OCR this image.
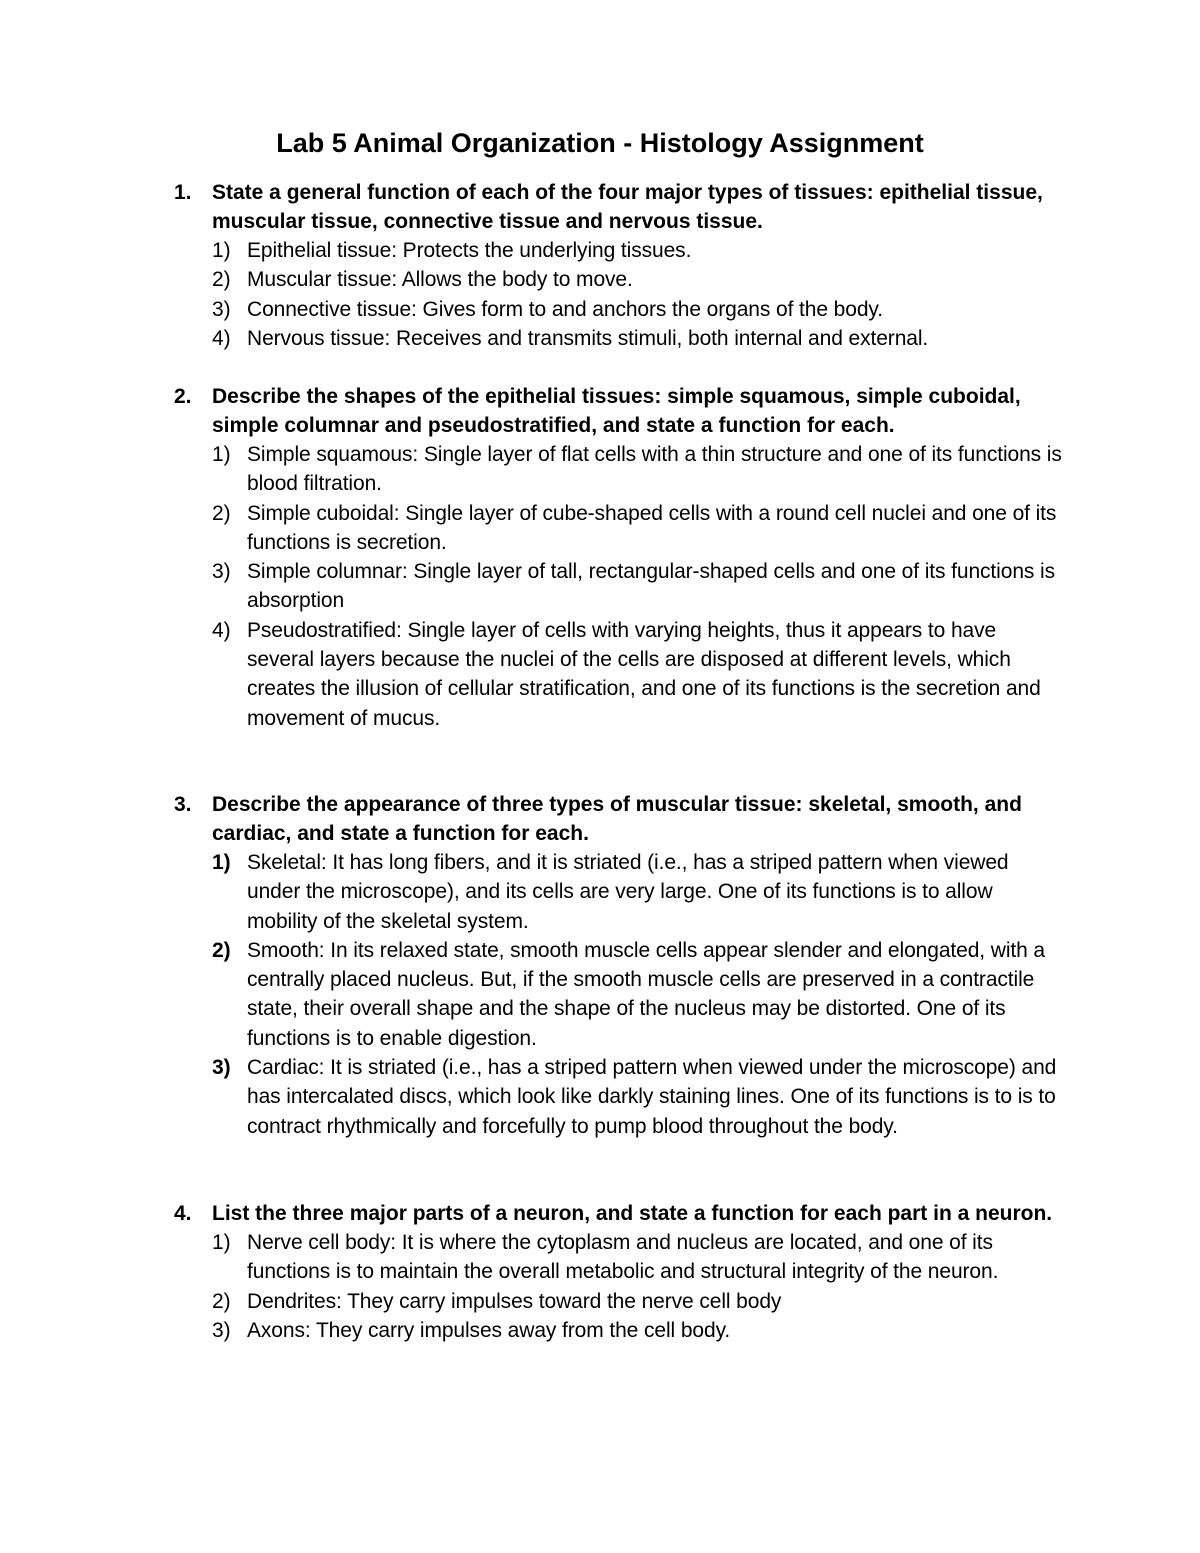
Lab 5 Animal Organization - Histology Assignment
1. State a general function of each of the four major types of tissues: epithelial tissue, muscular tissue, connective tissue and nervous tissue.
1) Epithelial tissue: Protects the underlying tissues.
2) Muscular tissue: Allows the body to move.
3) Connective tissue: Gives form to and anchors the organs of the body.
4) Nervous tissue: Receives and transmits stimuli, both internal and external.
2. Describe the shapes of the epithelial tissues: simple squamous, simple cuboidal, simple columnar and pseudostratified, and state a function for each.
1) Simple squamous: Single layer of flat cells with a thin structure and one of its functions is blood filtration.
2) Simple cuboidal: Single layer of cube-shaped cells with a round cell nuclei and one of its functions is secretion.
3) Simple columnar: Single layer of tall, rectangular-shaped cells and one of its functions is absorption
4) Pseudostratified: Single layer of cells with varying heights, thus it appears to have several layers because the nuclei of the cells are disposed at different levels, which creates the illusion of cellular stratification, and one of its functions is the secretion and movement of mucus.
3. Describe the appearance of three types of muscular tissue: skeletal, smooth, and cardiac, and state a function for each.
1) Skeletal: It has long fibers, and it is striated (i.e., has a striped pattern when viewed under the microscope), and its cells are very large. One of its functions is to allow mobility of the skeletal system.
2) Smooth: In its relaxed state, smooth muscle cells appear slender and elongated, with a centrally placed nucleus. But, if the smooth muscle cells are preserved in a contractile state, their overall shape and the shape of the nucleus may be distorted. One of its functions is to enable digestion.
3) Cardiac: It is striated (i.e., has a striped pattern when viewed under the microscope) and has intercalated discs, which look like darkly staining lines. One of its functions is to is to contract rhythmically and forcefully to pump blood throughout the body.
4. List the three major parts of a neuron, and state a function for each part in a neuron.
1) Nerve cell body: It is where the cytoplasm and nucleus are located, and one of its functions is to maintain the overall metabolic and structural integrity of the neuron.
2) Dendrites: They carry impulses toward the nerve cell body
3) Axons: They carry impulses away from the cell body.
